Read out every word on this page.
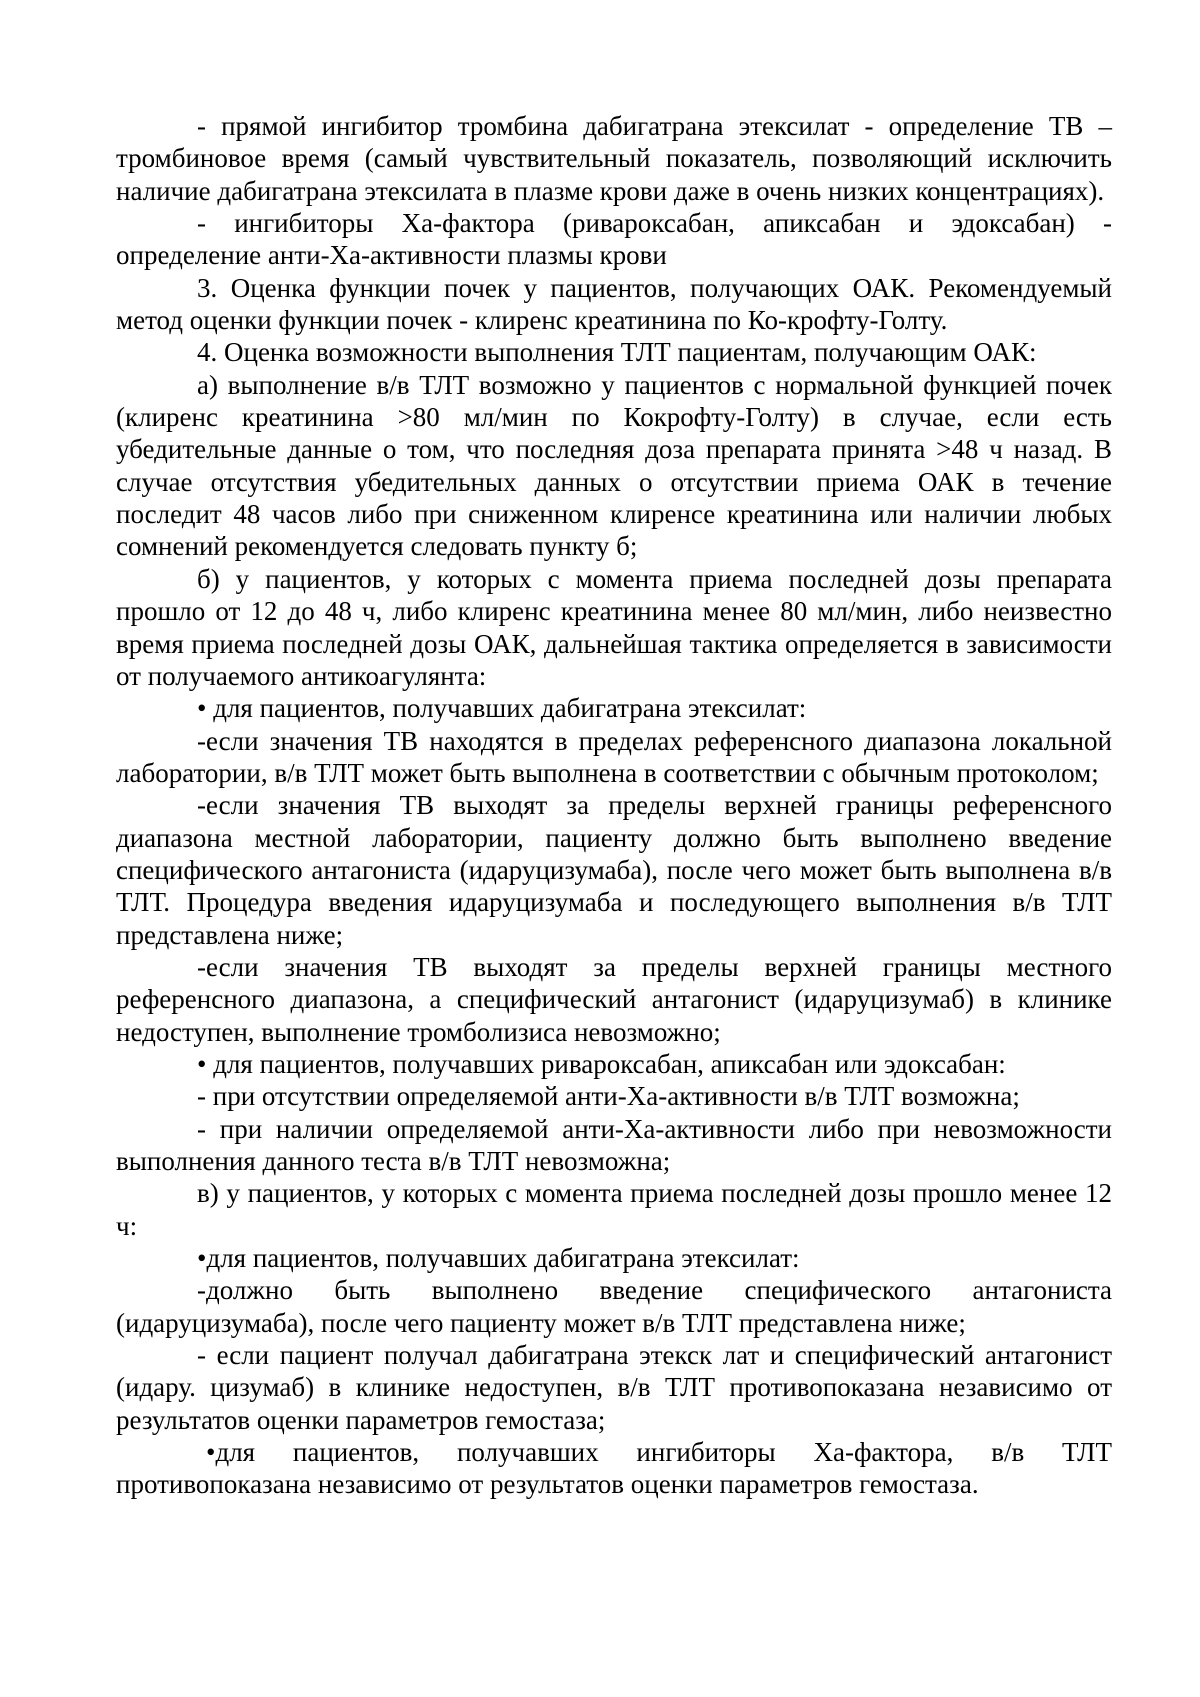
- прямой ингибитор тромбина дабигатрана этексилат - определение ТВ – тромбиновое время (самый чувствительный показатель, позволяющий исключить наличие дабигатрана этексилата в плазме крови даже в очень низких концентрациях).

- ингибиторы Ха-фактора (ривароксабан, апиксабан и эдоксабан) - определение анти-Ха-активности плазмы крови

3. Оценка функции почек у пациентов, получающих ОАК. Рекомендуемый метод оценки функции почек - клиренс креатинина по Ко-крофту-Голту.

4. Оценка возможности выполнения ТЛТ пациентам, получающим ОАК:

а) выполнение в/в ТЛТ возможно у пациентов с нормальной функцией почек (клиренс креатинина >80 мл/мин по Кокрофту-Голту) в случае, если есть убедительные данные о том, что последняя доза препарата принята >48 ч назад. В случае отсутствия убедительных данных о отсутствии приема ОАК в течение последит 48 часов либо при сниженном клиренсе креатинина или наличии любых сомнений рекомендуется следовать пункту б;

б) у пациентов, у которых с момента приема последней дозы препарата прошло от 12 до 48 ч, либо клиренс креатинина менее 80 мл/мин, либо неизвестно время приема последней дозы ОАК, дальнейшая тактика определяется в зависимости от получаемого антикоагулянта:

• для пациентов, получавших дабигатрана этексилат:

-если значения ТВ находятся в пределах референсного диапазона локальной лаборатории, в/в ТЛТ может быть выполнена в соответствии с обычным протоколом;

-если значения ТВ выходят за пределы верхней границы референсного диапазона местной лаборатории, пациенту должно быть выполнено введение специфического антагониста (идаруцизумаба), после чего может быть выполнена в/в ТЛТ. Процедура введения идаруцизумаба и последующего выполнения в/в ТЛТ представлена ниже;

-если значения ТВ выходят за пределы верхней границы местного референсного диапазона, а специфический антагонист (идаруцизумаб) в клинике недоступен, выполнение тромболизиса невозможно;

• для пациентов, получавших ривароксабан, апиксабан или эдоксабан:

- при отсутствии определяемой анти-Ха-активности в/в ТЛТ возможна;

- при наличии определяемой анти-Ха-активности либо при невозможности выполнения данного теста в/в ТЛТ невозможна;

в) у пациентов, у которых с момента приема последней дозы прошло менее 12 ч:

•для пациентов, получавших дабигатрана этексилат:

-должно быть выполнено введение специфического антагониста (идаруцизумаба), после чего пациенту может в/в ТЛТ представлена ниже;

- если пациент получал дабигатрана этекск лат и специфический антагонист (идару. цизумаб) в клинике недоступен, в/в ТЛТ противопоказана независимо от результатов оценки параметров гемостаза;

•для пациентов, получавших ингибиторы Ха-фактора, в/в ТЛТ противопоказана независимо от результатов оценки параметров гемостаза.
